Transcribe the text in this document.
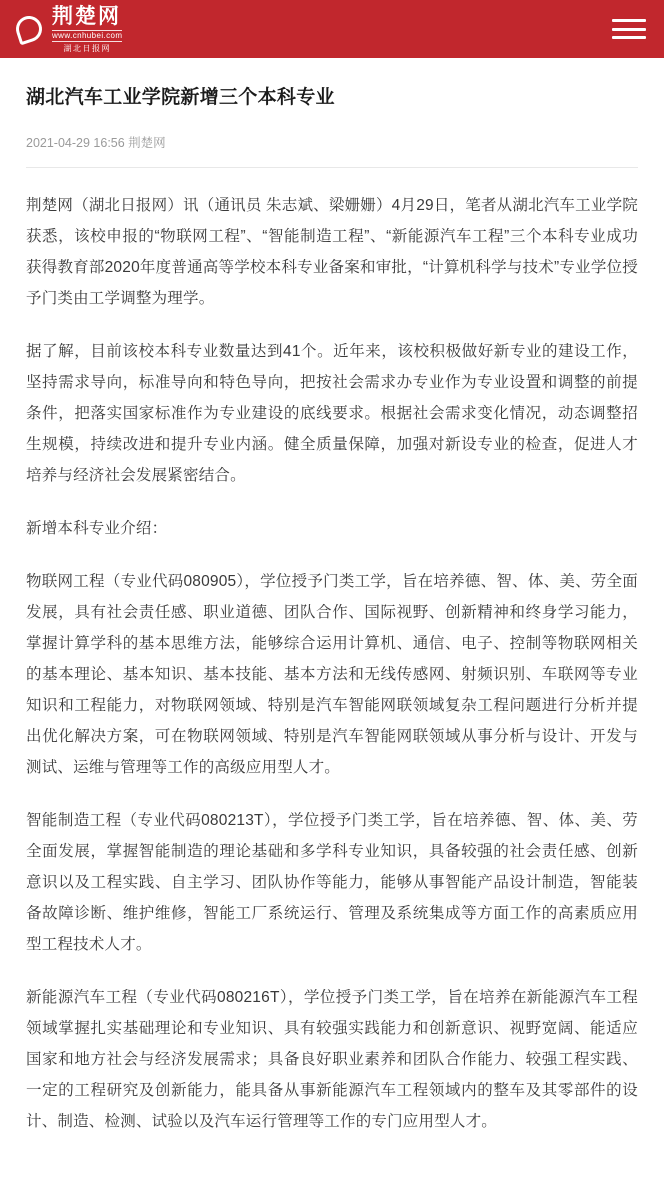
荆楚网
www.cnhubei.com
湖北日报网
湖北汽车工业学院新增三个本科专业
2021-04-29 16:56 荆楚网

荆楚网（湖北日报网）讯（通讯员 朱志斌、梁姗姗）4月29日，笔者从湖北汽车工业学院获悉，该校申报的“物联网工程”、“智能制造工程”、“新能源汽车工程”三个本科专业成功获得教育部2020年度普通高等学校本科专业备案和审批，“计算机科学与技术”专业学位授予门类由工学调整为理学。

据了解，目前该校本科专业数量达到41个。近年来，该校积极做好新专业的建设工作，坚持需求导向，标准导向和特色导向，把按社会需求办专业作为专业设置和调整的前提条件，把落实国家标准作为专业建设的底线要求。根据社会需求变化情况，动态调整招生规模，持续改进和提升专业内涵。健全质量保障，加强对新设专业的检查，促进人才培养与经济社会发展紧密结合。

新增本科专业介绍：

物联网工程（专业代码080905），学位授予门类工学，旨在培养德、智、体、美、劳全面发展，具有社会责任感、职业道德、团队合作、国际视野、创新精神和终身学习能力，掌握计算学科的基本思维方法，能够综合运用计算机、通信、电子、控制等物联网相关的基本理论、基本知识、基本技能、基本方法和无线传感网、射频识别、车联网等专业知识和工程能力，对物联网领域、特别是汽车智能网联领域复杂工程问题进行分析并提出优化解决方案，可在物联网领域、特别是汽车智能网联领域从事分析与设计、开发与测试、运维与管理等工作的高级应用型人才。

智能制造工程（专业代码080213T），学位授予门类工学，旨在培养德、智、体、美、劳全面发展，掌握智能制造的理论基础和多学科专业知识，具备较强的社会责任感、创新意识以及工程实践、自主学习、团队协作等能力，能够从事智能产品设计制造，智能装备故障诊断、维护维修，智能工厂系统运行、管理及系统集成等方面工作的高素质应用型工程技术人才。

新能源汽车工程（专业代码080216T），学位授予门类工学，旨在培养在新能源汽车工程领域掌握扎实基础理论和专业知识、具有较强实践能力和创新意识、视野宽阔、能适应国家和地方社会与经济发展需求；具备良好职业素养和团队合作能力、较强工程实践、一定的工程研究及创新能力，能具备从事新能源汽车工程领域内的整车及其零部件的设计、制造、检测、试验以及汽车运行管理等工作的专门应用型人才。
